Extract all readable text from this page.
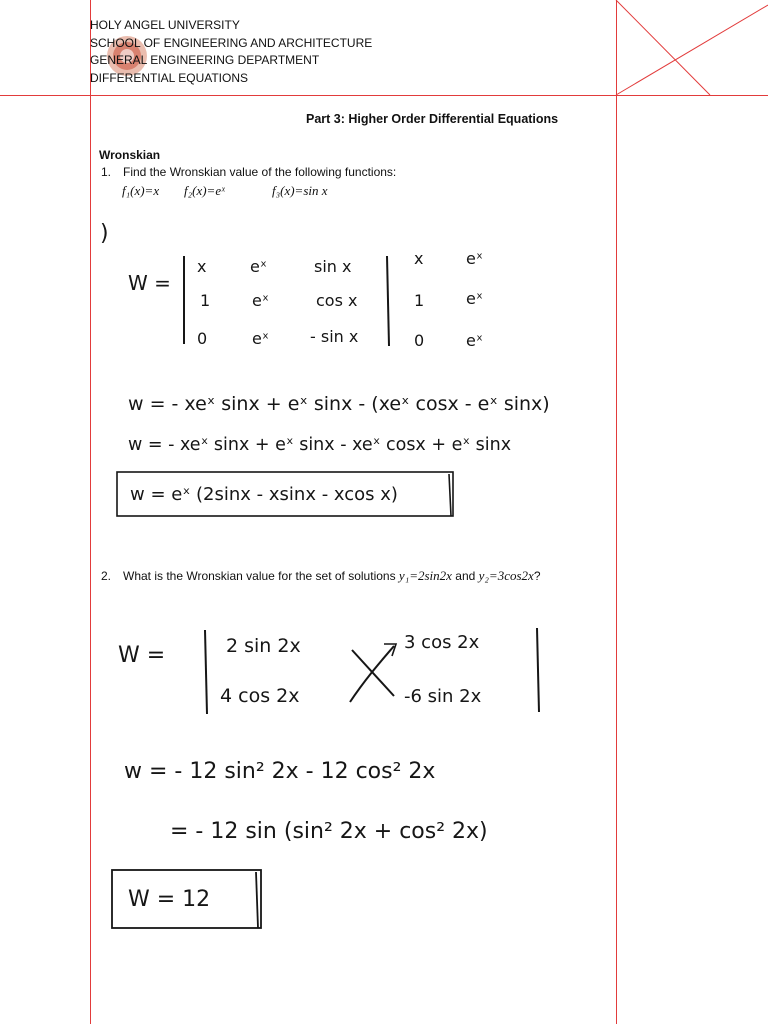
HOLY ANGEL UNIVERSITY
SCHOOL OF ENGINEERING AND ARCHITECTURE
GENERAL ENGINEERING DEPARTMENT
DIFFERENTIAL EQUATIONS
Part 3: Higher Order Differential Equations
Wronskian
1. Find the Wronskian value of the following functions:
f₁(x)=x f₂(x)=eˣ	f₃(x)=sin x
2. What is the Wronskian value for the set of solutions y₁=2sin2x and y₂=3cos2x?
)
W =
x	eˣ	sin x
1	eˣ	cos x
0	eˣ	- sin x
x	eˣ
1	eˣ
0	eˣ
w = - xeˣ sinx + eˣ sinx - (xeˣ cosx - eˣ sinx)
w = - xeˣ sinx + eˣ sinx - xeˣ cosx + eˣ sinx
w = eˣ (2sinx - xsinx - xcos x)
W =	2 sin 2x	3 cos 2x
4 cos 2x	-6 sin 2x
w = - 12 sin² 2x - 12 cos² 2x
= - 12 sin (sin² 2x + cos² 2x)
W = 12
